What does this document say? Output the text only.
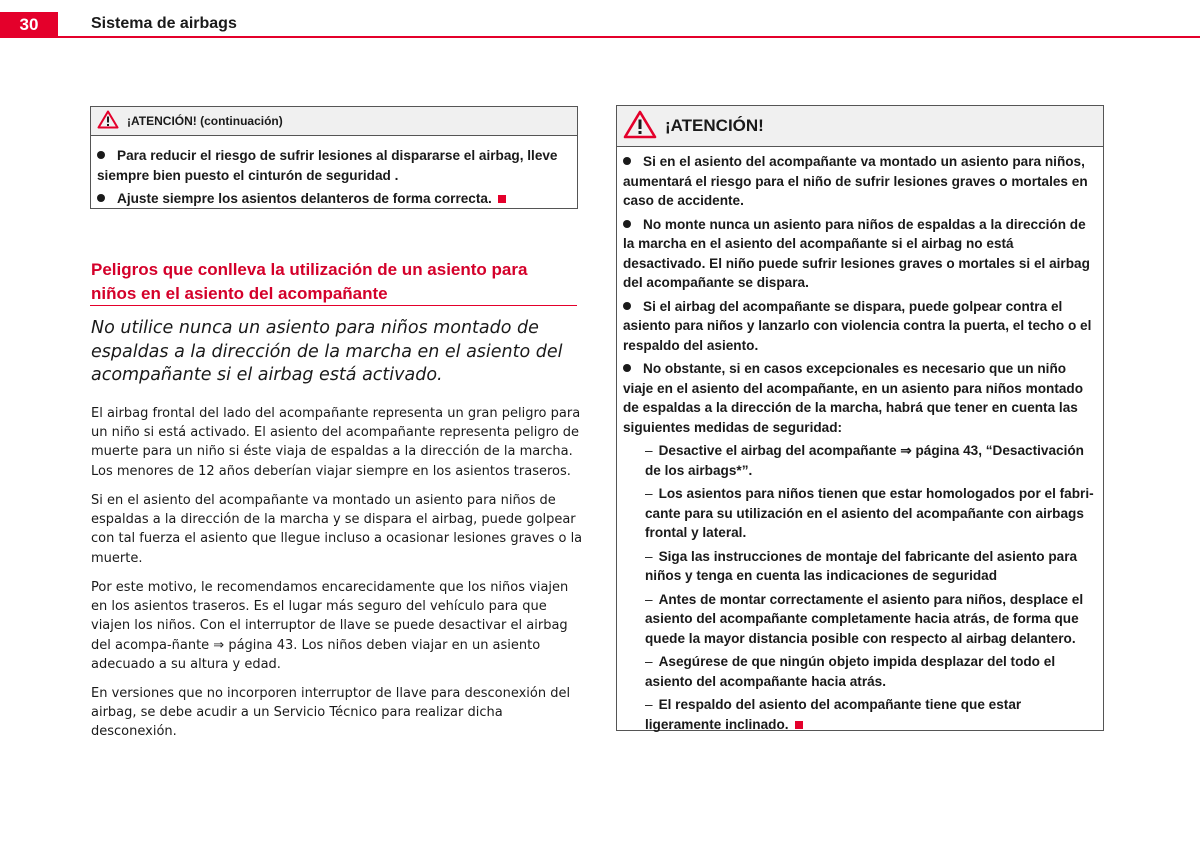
30	Sistema de airbags
¡ATENCIÓN! (continuación)
Para reducir el riesgo de sufrir lesiones al dispararse el airbag, lleve siempre bien puesto el cinturón de seguridad .
Ajuste siempre los asientos delanteros de forma correcta.
Peligros que conlleva la utilización de un asiento para niños en el asiento del acompañante
No utilice nunca un asiento para niños montado de espaldas a la dirección de la marcha en el asiento del acompañante si el airbag está activado.
El airbag frontal del lado del acompañante representa un gran peligro para un niño si está activado. El asiento del acompañante representa peligro de muerte para un niño si éste viaja de espaldas a la dirección de la marcha. Los menores de 12 años deberían viajar siempre en los asientos traseros.
Si en el asiento del acompañante va montado un asiento para niños de espaldas a la dirección de la marcha y se dispara el airbag, puede golpear con tal fuerza el asiento que llegue incluso a ocasionar lesiones graves o la muerte.
Por este motivo, le recomendamos encarecidamente que los niños viajen en los asientos traseros. Es el lugar más seguro del vehículo para que viajen los niños. Con el interruptor de llave se puede desactivar el airbag del acompa-ñante ⇒ página 43. Los niños deben viajar en un asiento adecuado a su altura y edad.
En versiones que no incorporen interruptor de llave para desconexión del airbag, se debe acudir a un Servicio Técnico para realizar dicha desconexión.
¡ATENCIÓN!
Si en el asiento del acompañante va montado un asiento para niños, aumentará el riesgo para el niño de sufrir lesiones graves o mortales en caso de accidente.
No monte nunca un asiento para niños de espaldas a la dirección de la marcha en el asiento del acompañante si el airbag no está desactivado. El niño puede sufrir lesiones graves o mortales si el airbag del acompañante se dispara.
Si el airbag del acompañante se dispara, puede golpear contra el asiento para niños y lanzarlo con violencia contra la puerta, el techo o el respaldo del asiento.
No obstante, si en casos excepcionales es necesario que un niño viaje en el asiento del acompañante, en un asiento para niños montado de espaldas a la dirección de la marcha, habrá que tener en cuenta las siguientes medidas de seguridad:
– Desactive el airbag del acompañante ⇒ página 43, “Desactivación de los airbags*”.
– Los asientos para niños tienen que estar homologados por el fabri-cante para su utilización en el asiento del acompañante con airbags frontal y lateral.
– Siga las instrucciones de montaje del fabricante del asiento para niños y tenga en cuenta las indicaciones de seguridad
– Antes de montar correctamente el asiento para niños, desplace el asiento del acompañante completamente hacia atrás, de forma que quede la mayor distancia posible con respecto al airbag delantero.
– Asegúrese de que ningún objeto impida desplazar del todo el asiento del acompañante hacia atrás.
– El respaldo del asiento del acompañante tiene que estar ligeramente inclinado.
